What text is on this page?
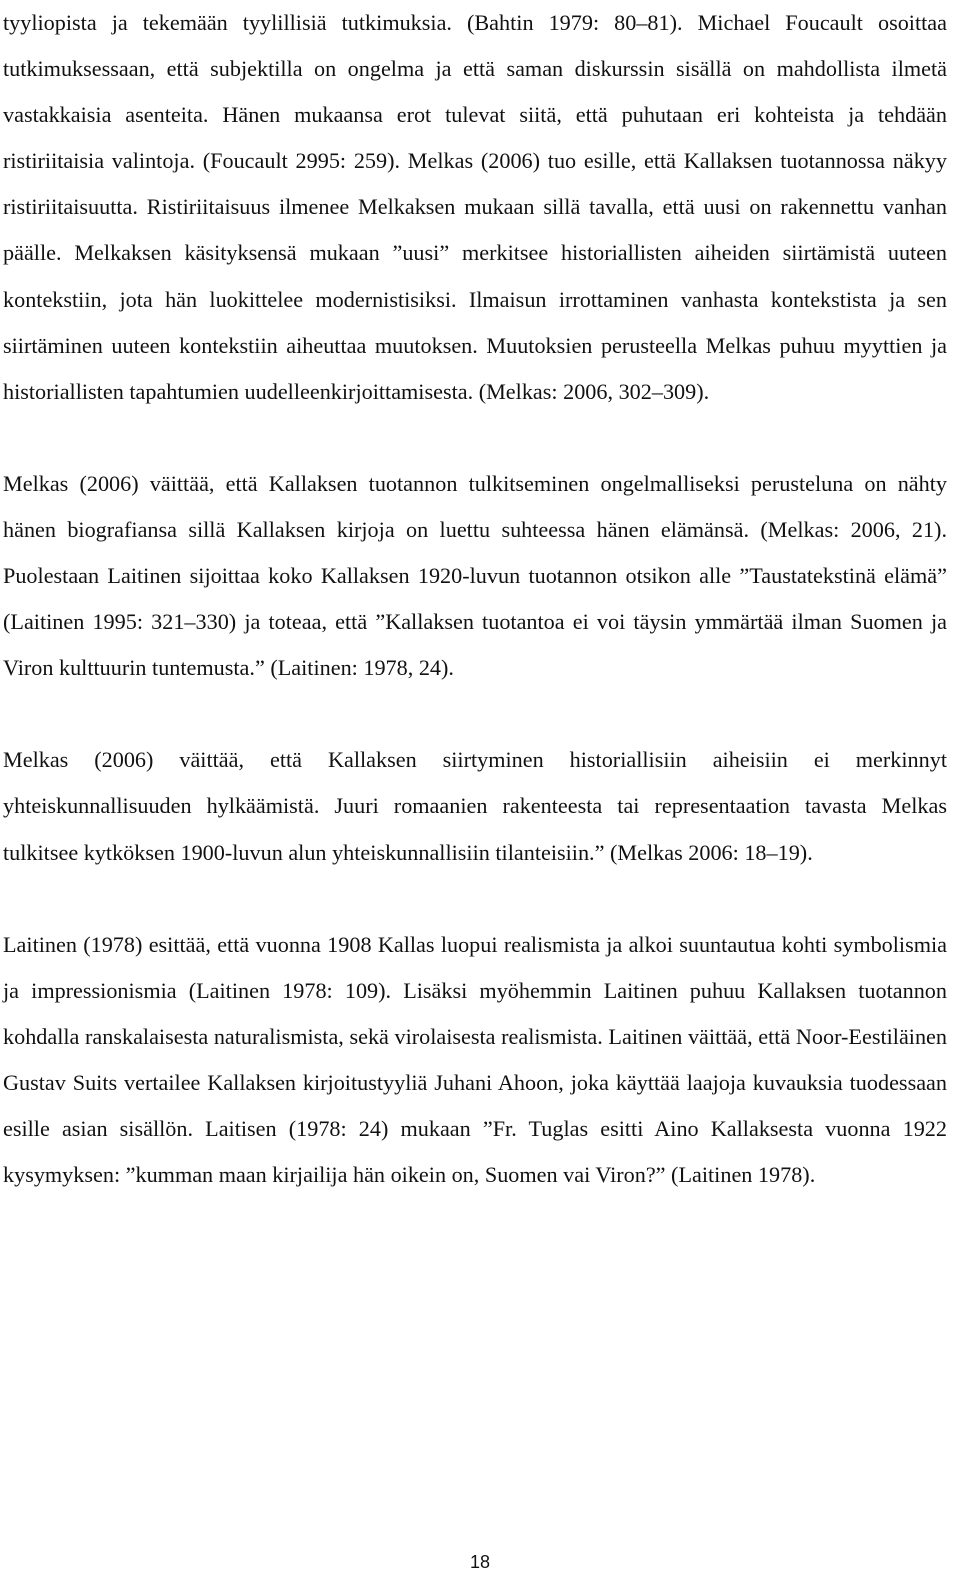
tyyliopista ja tekemään tyylillisiä tutkimuksia. (Bahtin 1979: 80–81). Michael Foucault osoittaa tutkimuksessaan, että subjektilla on ongelma ja että saman diskurssin sisällä on mahdollista ilmetä vastakkaisia asenteita. Hänen mukaansa erot tulevat siitä, että puhutaan eri kohteista ja tehdään ristiriitaisia valintoja. (Foucault 2995: 259). Melkas (2006) tuo esille, että Kallaksen tuotannossa näkyy ristiriitaisuutta. Ristiriitaisuus ilmenee Melkaksen mukaan sillä tavalla, että uusi on rakennettu vanhan päälle. Melkaksen käsityksensä mukaan ”uusi” merkitsee historiallisten aiheiden siirtämistä uuteen kontekstiin, jota hän luokittelee modernistisiksi. Ilmaisun irrottaminen vanhasta kontekstista ja sen siirtäminen uuteen kontekstiin aiheuttaa muutoksen. Muutoksien perusteella Melkas puhuu myyttien ja historiallisten tapahtumien uudelleenkirjoittamisesta. (Melkas: 2006, 302–309).

Melkas (2006) väittää, että Kallaksen tuotannon tulkitseminen ongelmalliseksi perusteluna on nähty hänen biografiansa sillä Kallaksen kirjoja on luettu suhteessa hänen elämänsä. (Melkas: 2006, 21). Puolestaan Laitinen sijoittaa koko Kallaksen 1920-luvun tuotannon otsikon alle ”Taustatekstinä elämä” (Laitinen 1995: 321–330) ja toteaa, että ”Kallaksen tuotantoa ei voi täysin ymmärtää ilman Suomen ja Viron kulttuurin tuntemusta.” (Laitinen: 1978, 24).

Melkas (2006) väittää, että Kallaksen siirtyminen historiallisiin aiheisiin ei merkinnyt yhteiskunnallisuuden hylkäämistä. Juuri romaanien rakenteesta tai representaation tavasta Melkas tulkitsee kytköksen 1900-luvun alun yhteiskunnallisiin tilanteisiin.” (Melkas 2006: 18–19).

Laitinen (1978) esittää, että vuonna 1908 Kallas luopui realismista ja alkoi suuntautua kohti symbolismia ja impressionismia (Laitinen 1978: 109). Lisäksi myöhemmin Laitinen puhuu Kallaksen tuotannon kohdalla ranskalaisesta naturalismista, sekä virolaisesta realismista. Laitinen väittää, että Noor-Eestiläinen Gustav Suits vertailee Kallaksen kirjoitustyyliä Juhani Ahoon, joka käyttää laajoja kuvauksia tuodessaan esille asian sisällön. Laitisen (1978: 24) mukaan ”Fr. Tuglas esitti Aino Kallaksesta vuonna 1922 kysymyksen: ”kumman maan kirjailija hän oikein on, Suomen vai Viron?” (Laitinen 1978).

18
